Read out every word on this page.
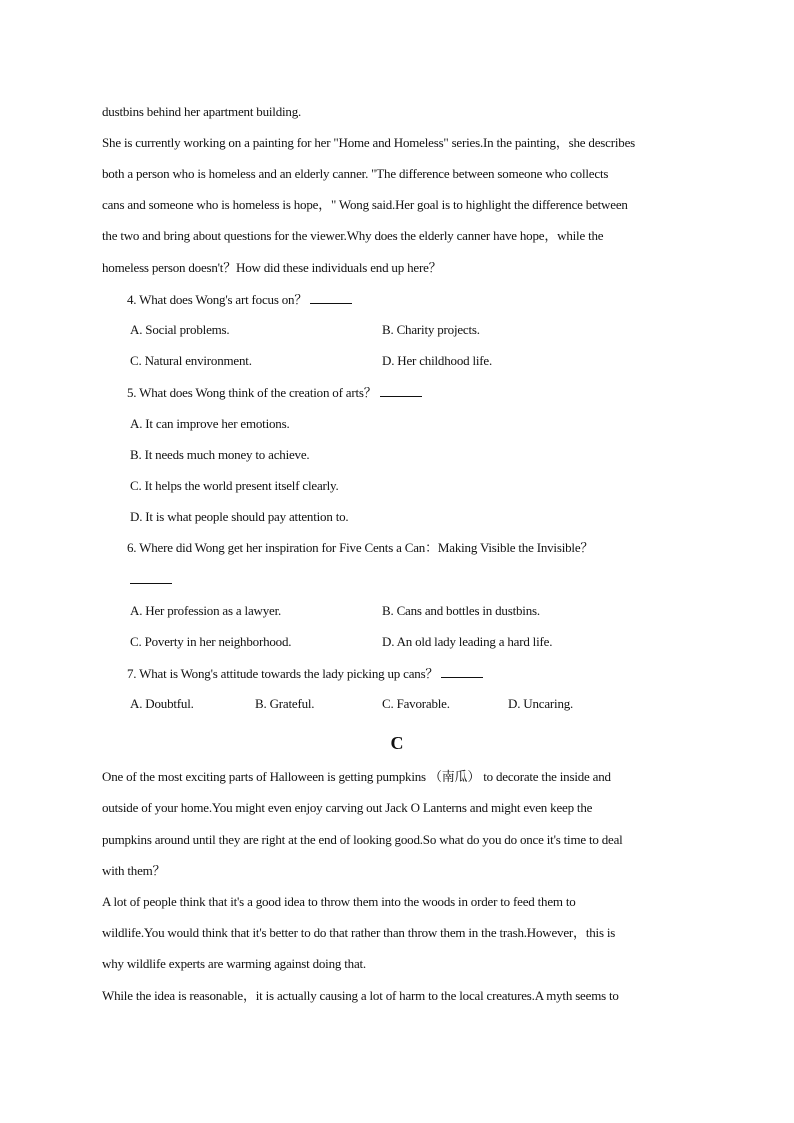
dustbins behind her apartment building.
She is currently working on a painting for her "Home and Homeless" series.In the painting，she describes
both a person who is homeless and an elderly canner. "The difference between someone who collects
cans and someone who is homeless is hope，" Wong said.Her goal is to highlight the difference between
the two and bring about questions for the viewer.Why does the elderly canner have hope，while the
homeless person doesn't？How did these individuals end up here？
4. What does Wong's art focus on？
A. Social problems.	B. Charity projects.
C. Natural environment.	D. Her childhood life.
5. What does Wong think of the creation of arts？
A. It can improve her emotions.
B. It needs much money to achieve.
C. It helps the world present itself clearly.
D. It is what people should pay attention to.
6. Where did Wong get her inspiration for Five Cents a Can：Making Visible the Invisible？
A. Her profession as a lawyer.	B. Cans and bottles in dustbins.
C. Poverty in her neighborhood.	D. An old lady leading a hard life.
7. What is Wong's attitude towards the lady picking up cans？
A. Doubtful.	B. Grateful.	C. Favorable.	D. Uncaring.
C
One of the most exciting parts of Halloween is getting pumpkins （南瓜） to decorate the inside and
outside of your home.You might even enjoy carving out Jack O Lanterns and might even keep the
pumpkins around until they are right at the end of looking good.So what do you do once it's time to deal
with them？
A lot of people think that it's a good idea to throw them into the woods in order to feed them to
wildlife.You would think that it's better to do that rather than throw them in the trash.However，this is
why wildlife experts are warming against doing that.
While the idea is reasonable，it is actually causing a lot of harm to the local creatures.A myth seems to
